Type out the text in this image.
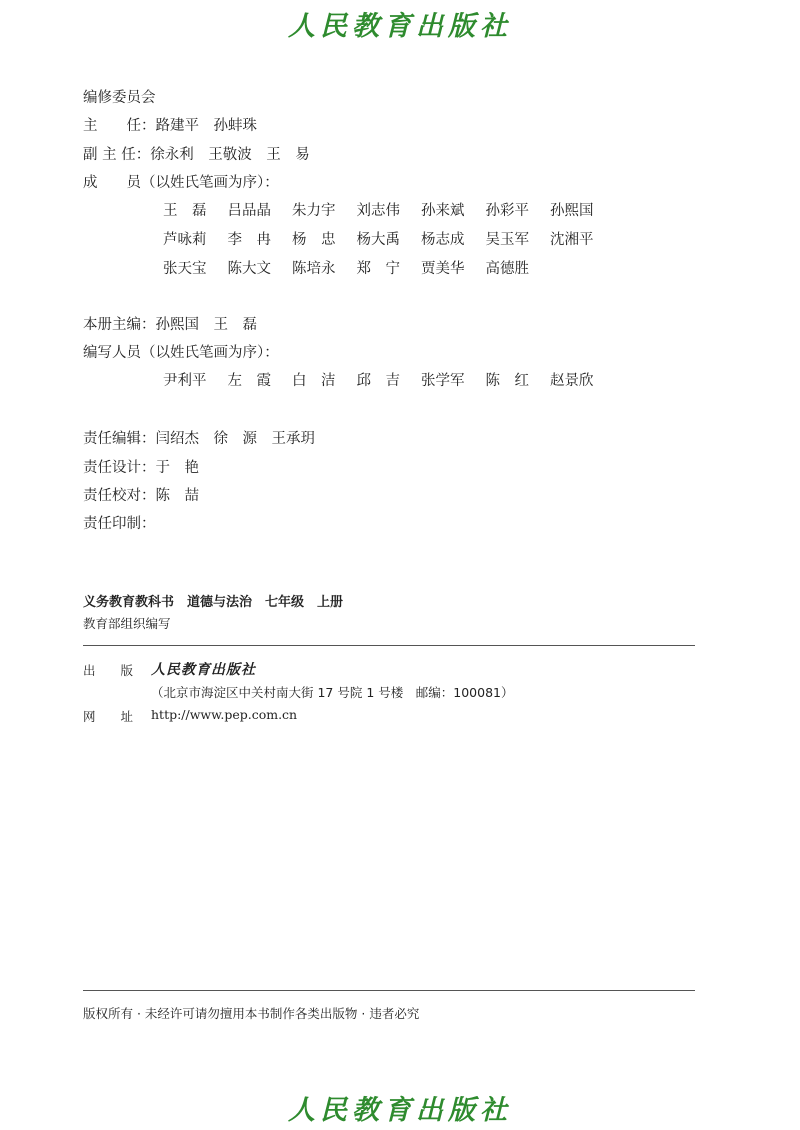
人民教育出版社
编修委员会
主　　任：路建平　孙蚌珠
副 主 任：徐永利　王敬波　王　易
成　　员（以姓氏笔画为序）：
王　磊 吕品晶 朱力宇 刘志伟 孙来斌 孙彩平 孙熙国
芦咏莉 李　冉 杨　忠 杨大禹 杨志成 吴玉军 沈湘平
张天宝 陈大文 陈培永 郑　宁 贾美华 高德胜
本册主编：孙熙国　王　磊
编写人员（以姓氏笔画为序）：
尹利平 左　霞 白　洁 邱　吉 张学军 陈　红 赵景欣
责任编辑：闫绍杰　徐　源　王承玥
责任设计：于　艳
责任校对：陈　喆
责任印制：
义务教育教科书　道德与法治　七年级　上册
教育部组织编写
出　　版 人民教育出版社
（北京市海淀区中关村南大街 17 号院 1 号楼　邮编：100081）
网　　址 http://www.pep.com.cn
版权所有 · 未经许可请勿擅用本书制作各类出版物 · 违者必究
人民教育出版社
